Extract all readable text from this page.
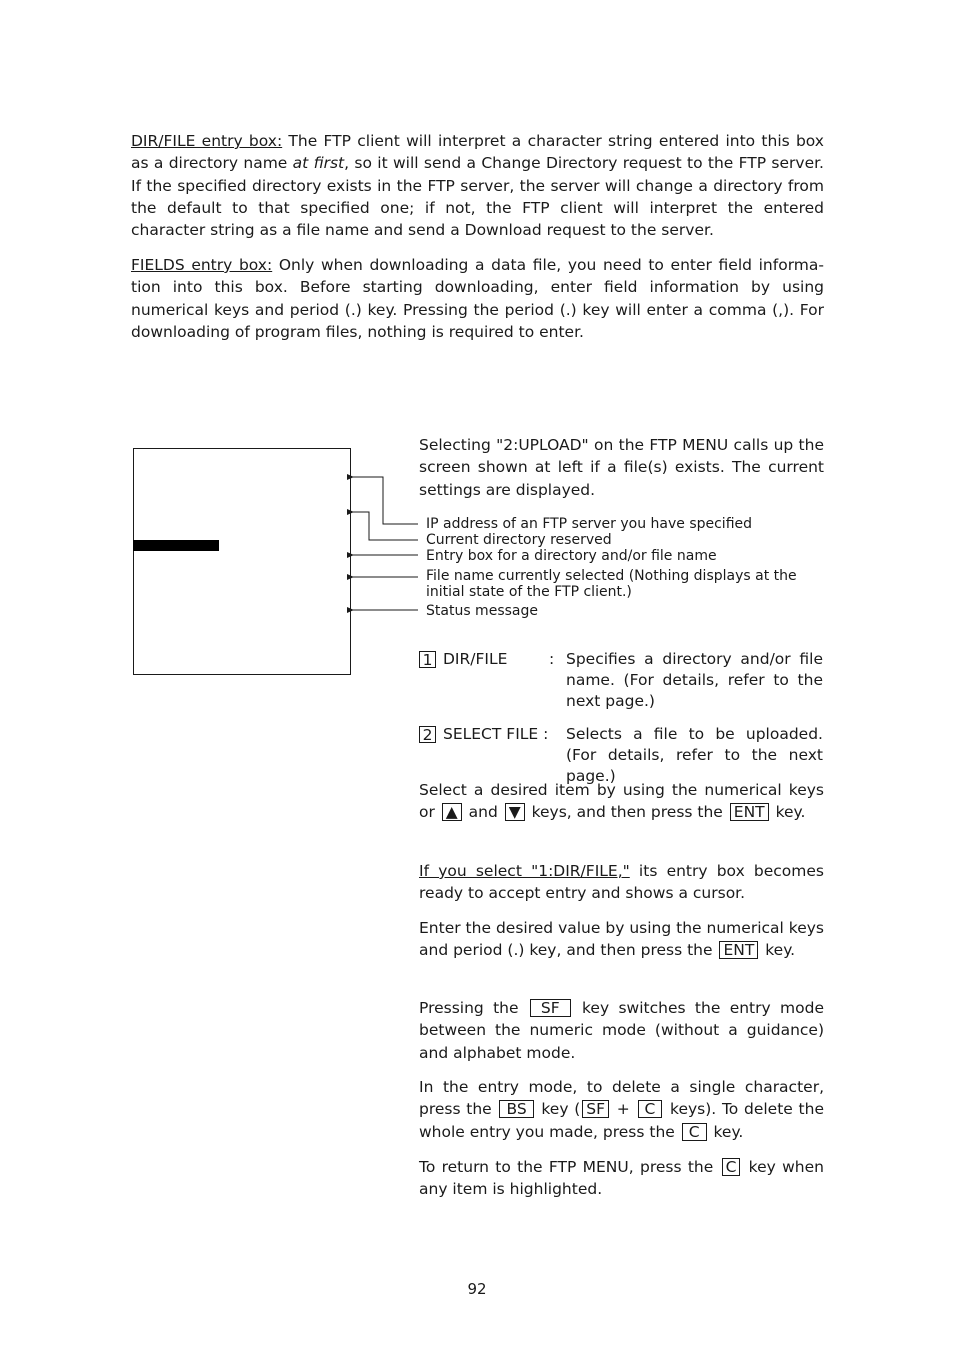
DIR/FILE entry box: The FTP client will interpret a character string entered into this box as a directory name at first, so it will send a Change Directory request to the FTP server. If the specified directory exists in the FTP server, the server will change a directory from the default to that specified one; if not, the FTP client will interpret the entered character string as a file name and send a Download request to the server.
FIELDS entry box: Only when downloading a data file, you need to enter field informa- tion into this box. Before starting downloading, enter field information by using numerical keys and period (.) key. Pressing the period (.) key will enter a comma (,). For downloading of program files, nothing is required to enter.
Selecting "2:UPLOAD" on the FTP MENU calls up the screen shown at left if a file(s) exists. The current settings are displayed.
IP address of an FTP server you have specified
Current directory reserved
Entry box for a directory and/or file name
File name currently selected (Nothing displays at the initial state of the FTP client.)
Status message
1 DIR/FILE	: Specifies a directory and/or file name. (For details, refer to the next page.)
2 SELECT FILE : Selects a file to be uploaded. (For details, refer to the next page.)
Select a desired item by using the numerical keys or ▲ and ▼ keys, and then press the ENT key.
If you select "1:DIR/FILE," its entry box becomes ready to accept entry and shows a cursor.
Enter the desired value by using the numerical keys and period (.) key, and then press the ENT key.
Pressing the SF key switches the entry mode between the numeric mode (without a guidance) and alphabet mode.
In the entry mode, to delete a single character, press the BS key ( SF + C keys). To delete the whole entry you made, press the C key.
To return to the FTP MENU, press the C key when any item is highlighted.
92
